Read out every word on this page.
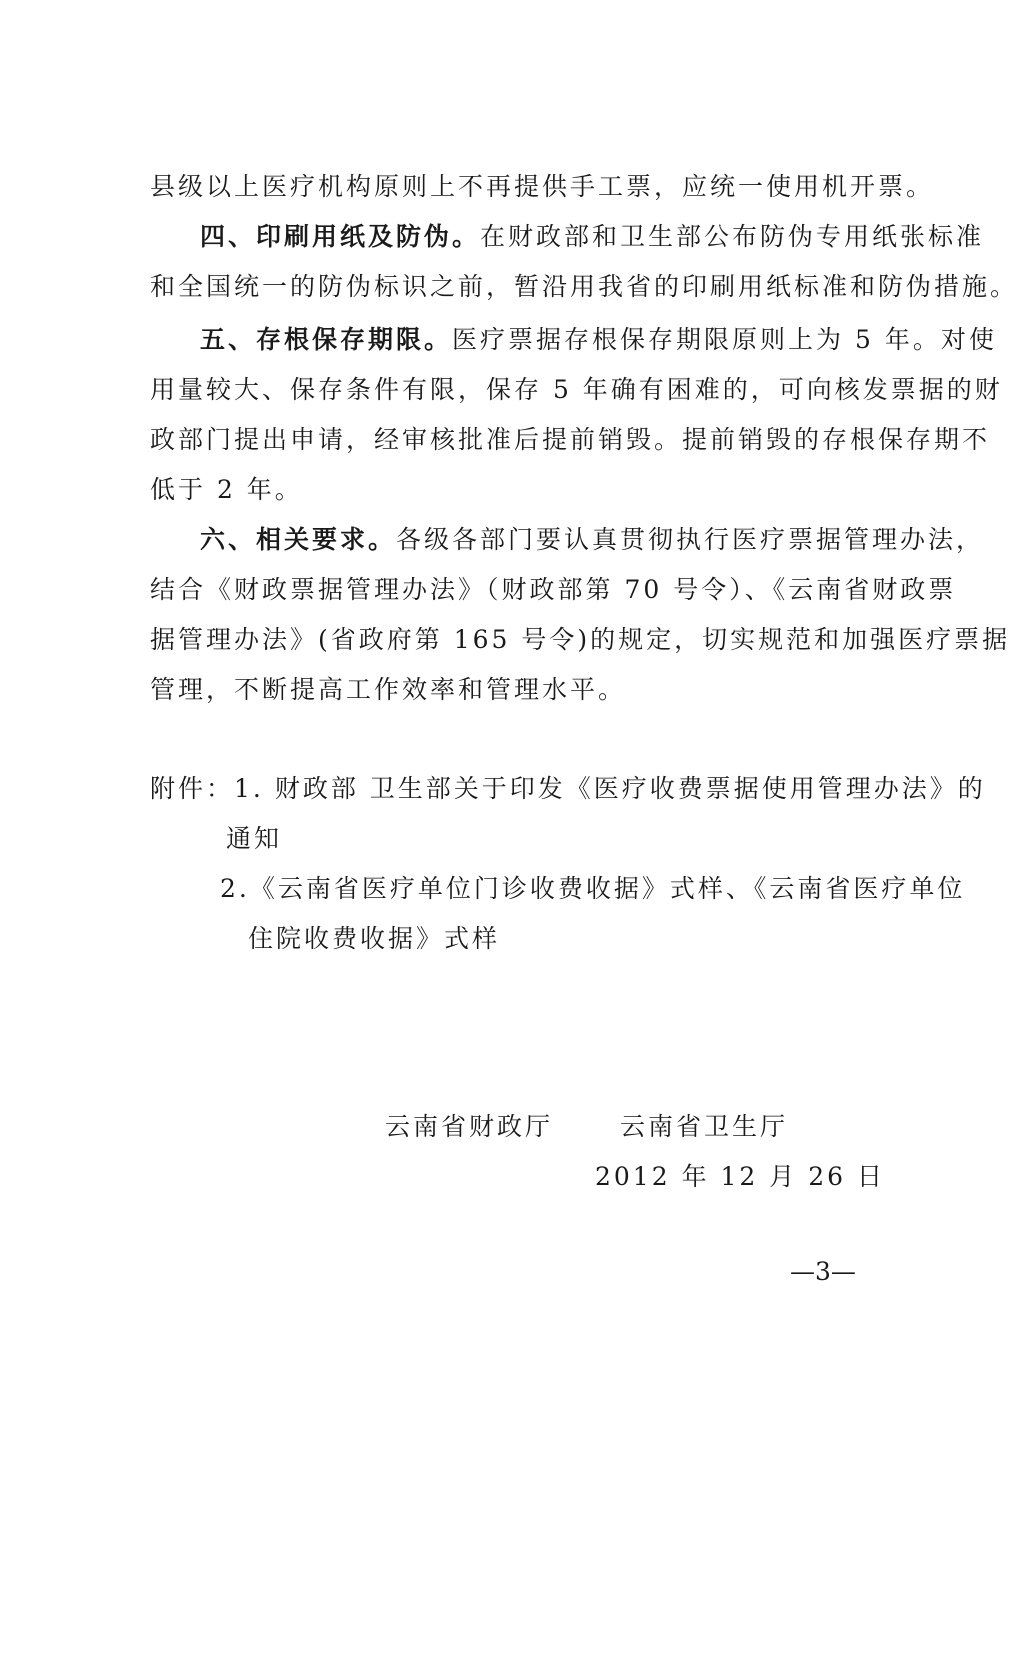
县级以上医疗机构原则上不再提供手工票，应统一使用机开票。
四、印刷用纸及防伪。在财政部和卫生部公布防伪专用纸张标准
和全国统一的防伪标识之前，暂沿用我省的印刷用纸标准和防伪措施。
五、存根保存期限。医疗票据存根保存期限原则上为 5 年。对使
用量较大、保存条件有限，保存 5 年确有困难的，可向核发票据的财
政部门提出申请，经审核批准后提前销毁。提前销毁的存根保存期不
低于 2 年。
六、相关要求。各级各部门要认真贯彻执行医疗票据管理办法，
结合《财政票据管理办法》（财政部第 70 号令）、《云南省财政票
据管理办法》(省政府第 165 号令)的规定，切实规范和加强医疗票据
管理，不断提高工作效率和管理水平。
附件：1. 财政部 卫生部关于印发《医疗收费票据使用管理办法》的
通知
2.《云南省医疗单位门诊收费收据》式样、《云南省医疗单位
住院收费收据》式样
云南省财政厅	云南省卫生厅
2012 年 12 月 26 日
—3—
